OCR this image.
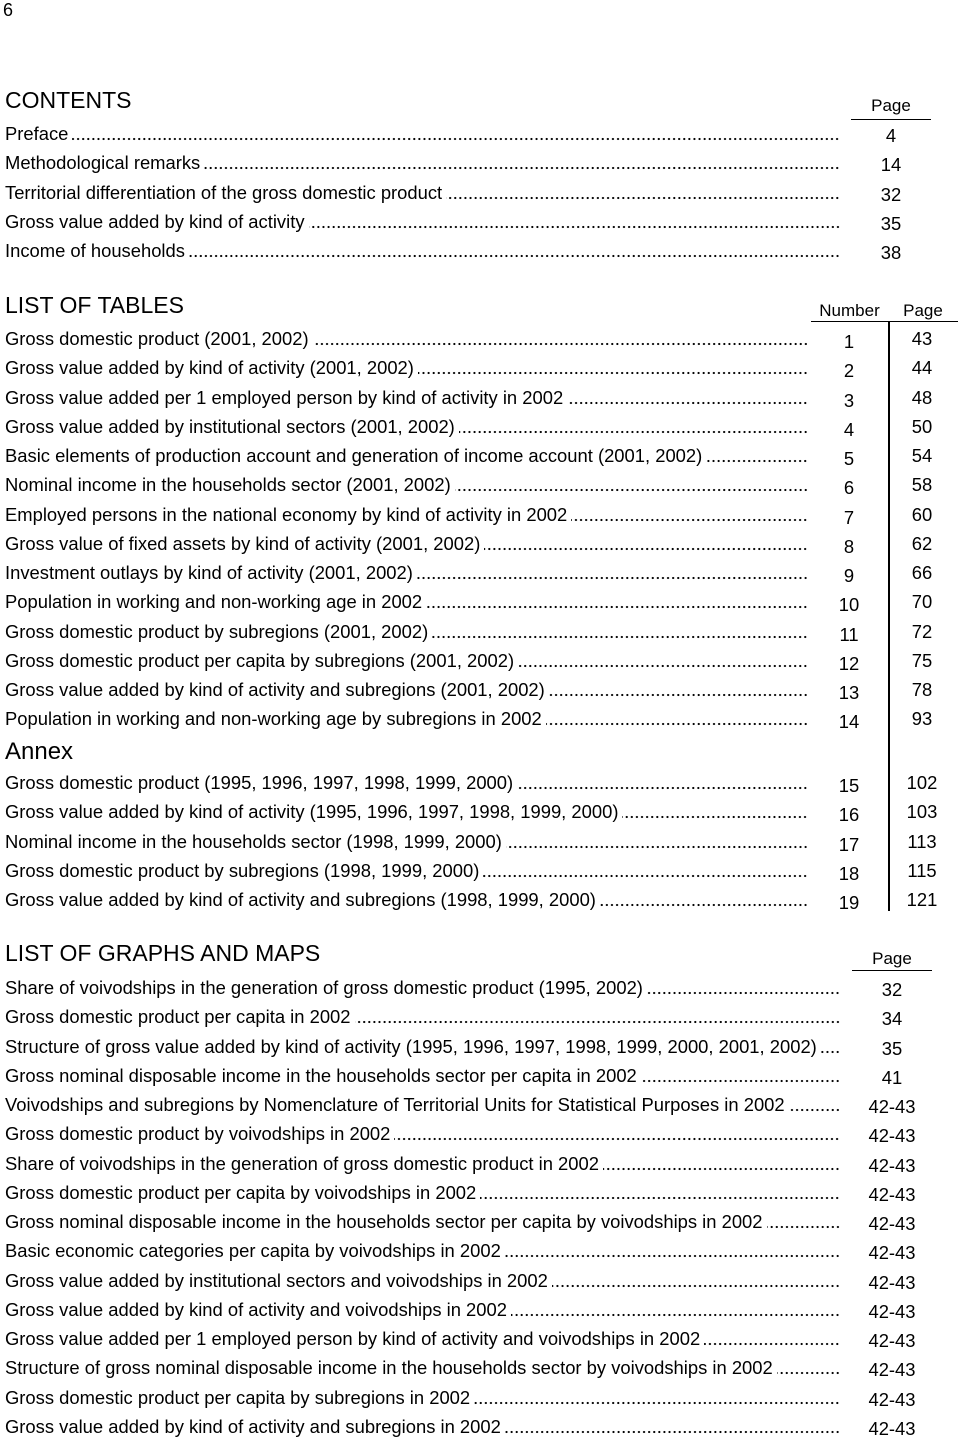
6
CONTENTS	Page
Preface	4
Methodological remarks	14
Territorial differentiation of the gross domestic product	32
Gross value added by kind of activity	35
Income of households	38
LIST OF TABLES	Number	Page
Gross domestic product (2001, 2002)	1	43
Gross value added by kind of activity (2001, 2002)	2	44
Gross value added per 1 employed person by kind of activity in 2002	3	48
Gross value added by institutional sectors (2001, 2002)	4	50
Basic elements of production account and generation of income account (2001, 2002)	5	54
Nominal income in the households sector (2001, 2002)	6	58
Employed persons in the national economy by kind of activity in 2002	7	60
Gross value of fixed assets by kind of activity (2001, 2002)	8	62
Investment outlays by kind of activity (2001, 2002)	9	66
Population in working and non-working age in 2002	10	70
Gross domestic product by subregions (2001, 2002)	11	72
Gross domestic product per capita by subregions (2001, 2002)	12	75
Gross value added by kind of activity and subregions (2001, 2002)	13	78
Population in working and non-working age by subregions in 2002	14	93
Annex
Gross domestic product (1995, 1996, 1997, 1998, 1999, 2000)	15	102
Gross value added by kind of activity (1995, 1996, 1997, 1998, 1999, 2000)	16	103
Nominal income in the households sector (1998, 1999, 2000)	17	113
Gross domestic product by subregions (1998, 1999, 2000)	18	115
Gross value added by kind of activity and subregions (1998, 1999, 2000)	19	121
LIST OF GRAPHS AND MAPS	Page
Share of voivodships in the generation of gross domestic product (1995, 2002)	32
Gross domestic product per capita in 2002	34
Structure of gross value added by kind of activity (1995, 1996, 1997, 1998, 1999, 2000, 2001, 2002)	35
Gross nominal disposable income in the households sector per capita in 2002	41
Voivodships and subregions by Nomenclature of Territorial Units for Statistical Purposes in 2002	42-43
Gross domestic product by voivodships in 2002	42-43
Share of voivodships in the generation of gross domestic product in 2002	42-43
Gross domestic product per capita by voivodships in 2002	42-43
Gross nominal disposable income in the households sector per capita by voivodships in 2002	42-43
Basic economic categories per capita by voivodships in 2002	42-43
Gross value added by institutional sectors and voivodships in 2002	42-43
Gross value added by kind of activity and voivodships in 2002	42-43
Gross value added per 1 employed person by kind of activity and voivodships in 2002	42-43
Structure of gross nominal disposable income in the households sector by voivodships in 2002	42-43
Gross domestic product per capita by subregions in 2002	42-43
Gross value added by kind of activity and subregions in 2002	42-43
